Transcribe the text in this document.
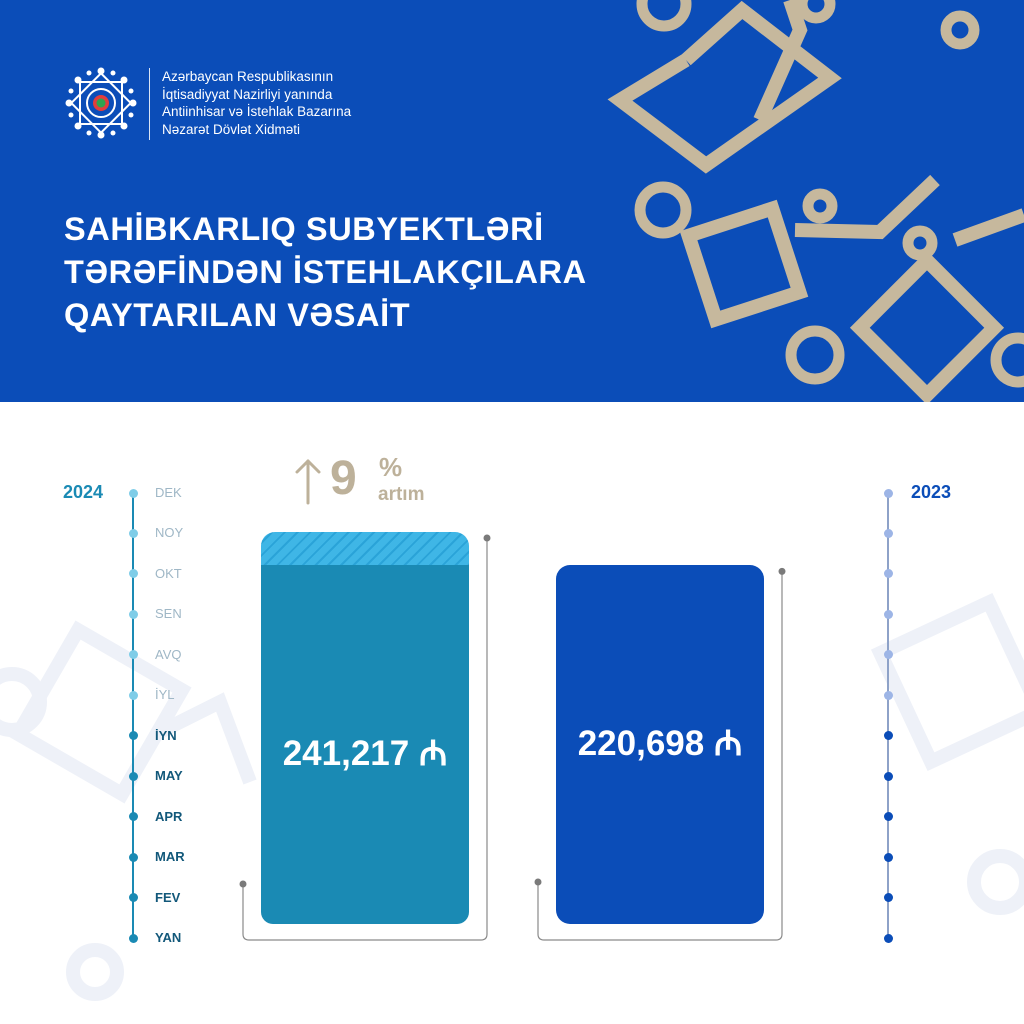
Azərbaycan Respublikasının
İqtisadiyyat Nazirliyi yanında
Antiinhisar və İstehlak Bazarına
Nəzarət Dövlət Xidməti
SAHİBKARLIQ SUBYEKTLƏRİ
TƏRƏFİNDƏN İSTEHLAKÇILARA
QAYTARILAN VƏSAİT
2024	2023
YAN
FEV
MAR
APR
MAY
İYN
İYL
AVQ
SEN
OKT
NOY
DEK	9 %
artım
241,217 ₼	220,698 ₼
